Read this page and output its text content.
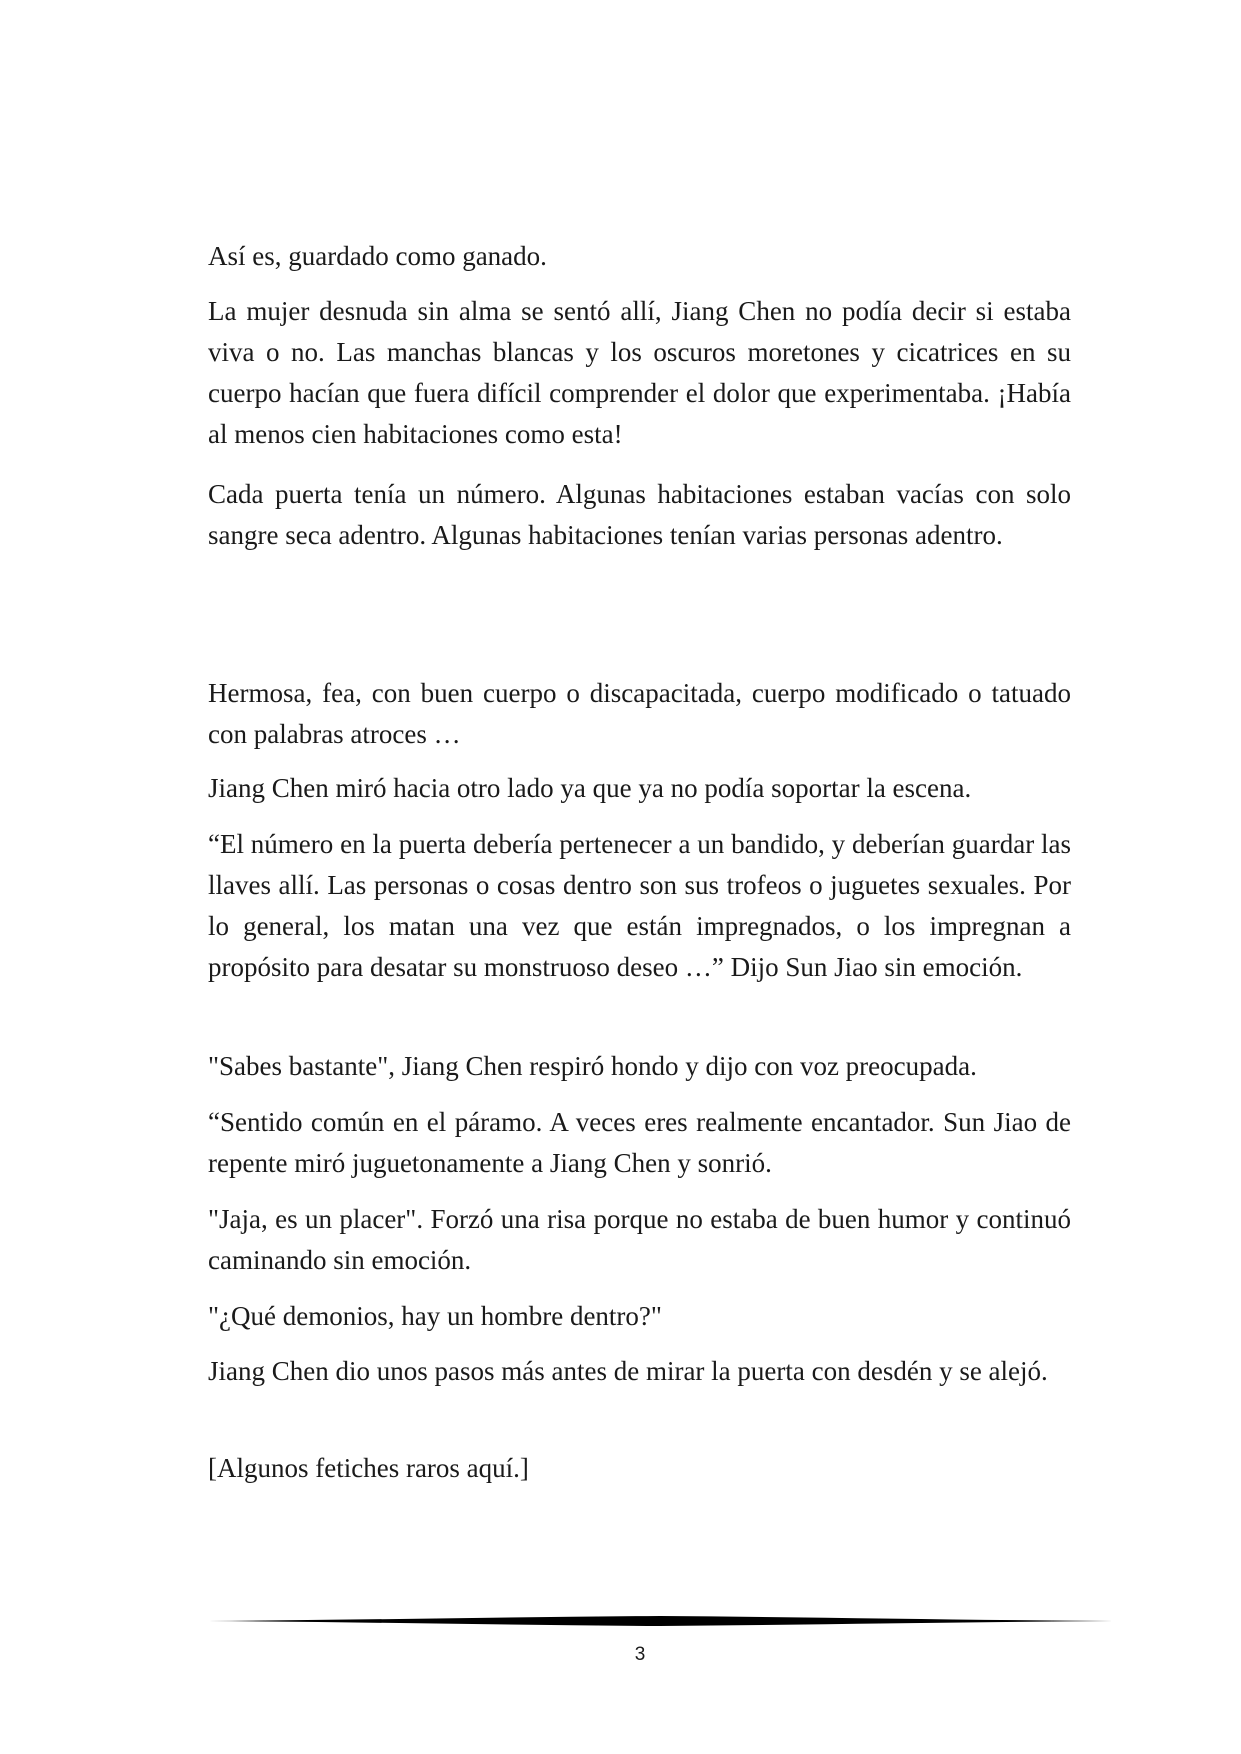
Así es, guardado como ganado.

La mujer desnuda sin alma se sentó allí, Jiang Chen no podía decir si estaba viva o no. Las manchas blancas y los oscuros moretones y cicatrices en su cuerpo hacían que fuera difícil comprender el dolor que experimentaba. ¡Había al menos cien habitaciones como esta!

Cada puerta tenía un número. Algunas habitaciones estaban vacías con solo sangre seca adentro. Algunas habitaciones tenían varias personas adentro.

Hermosa, fea, con buen cuerpo o discapacitada, cuerpo modificado o tatuado con palabras atroces …

Jiang Chen miró hacia otro lado ya que ya no podía soportar la escena.

“El número en la puerta debería pertenecer a un bandido, y deberían guardar las llaves allí. Las personas o cosas dentro son sus trofeos o juguetes sexuales. Por lo general, los matan una vez que están impregnados, o los impregnan a propósito para desatar su monstruoso deseo …” Dijo Sun Jiao sin emoción.

"Sabes bastante", Jiang Chen respiró hondo y dijo con voz preocupada.

“Sentido común en el páramo. A veces eres realmente encantador. Sun Jiao de repente miró juguetonamente a Jiang Chen y sonrió.

"Jaja, es un placer". Forzó una risa porque no estaba de buen humor y continuó caminando sin emoción.

"¿Qué demonios, hay un hombre dentro?"

Jiang Chen dio unos pasos más antes de mirar la puerta con desdén y se alejó.

[Algunos fetiches raros aquí.]

3
